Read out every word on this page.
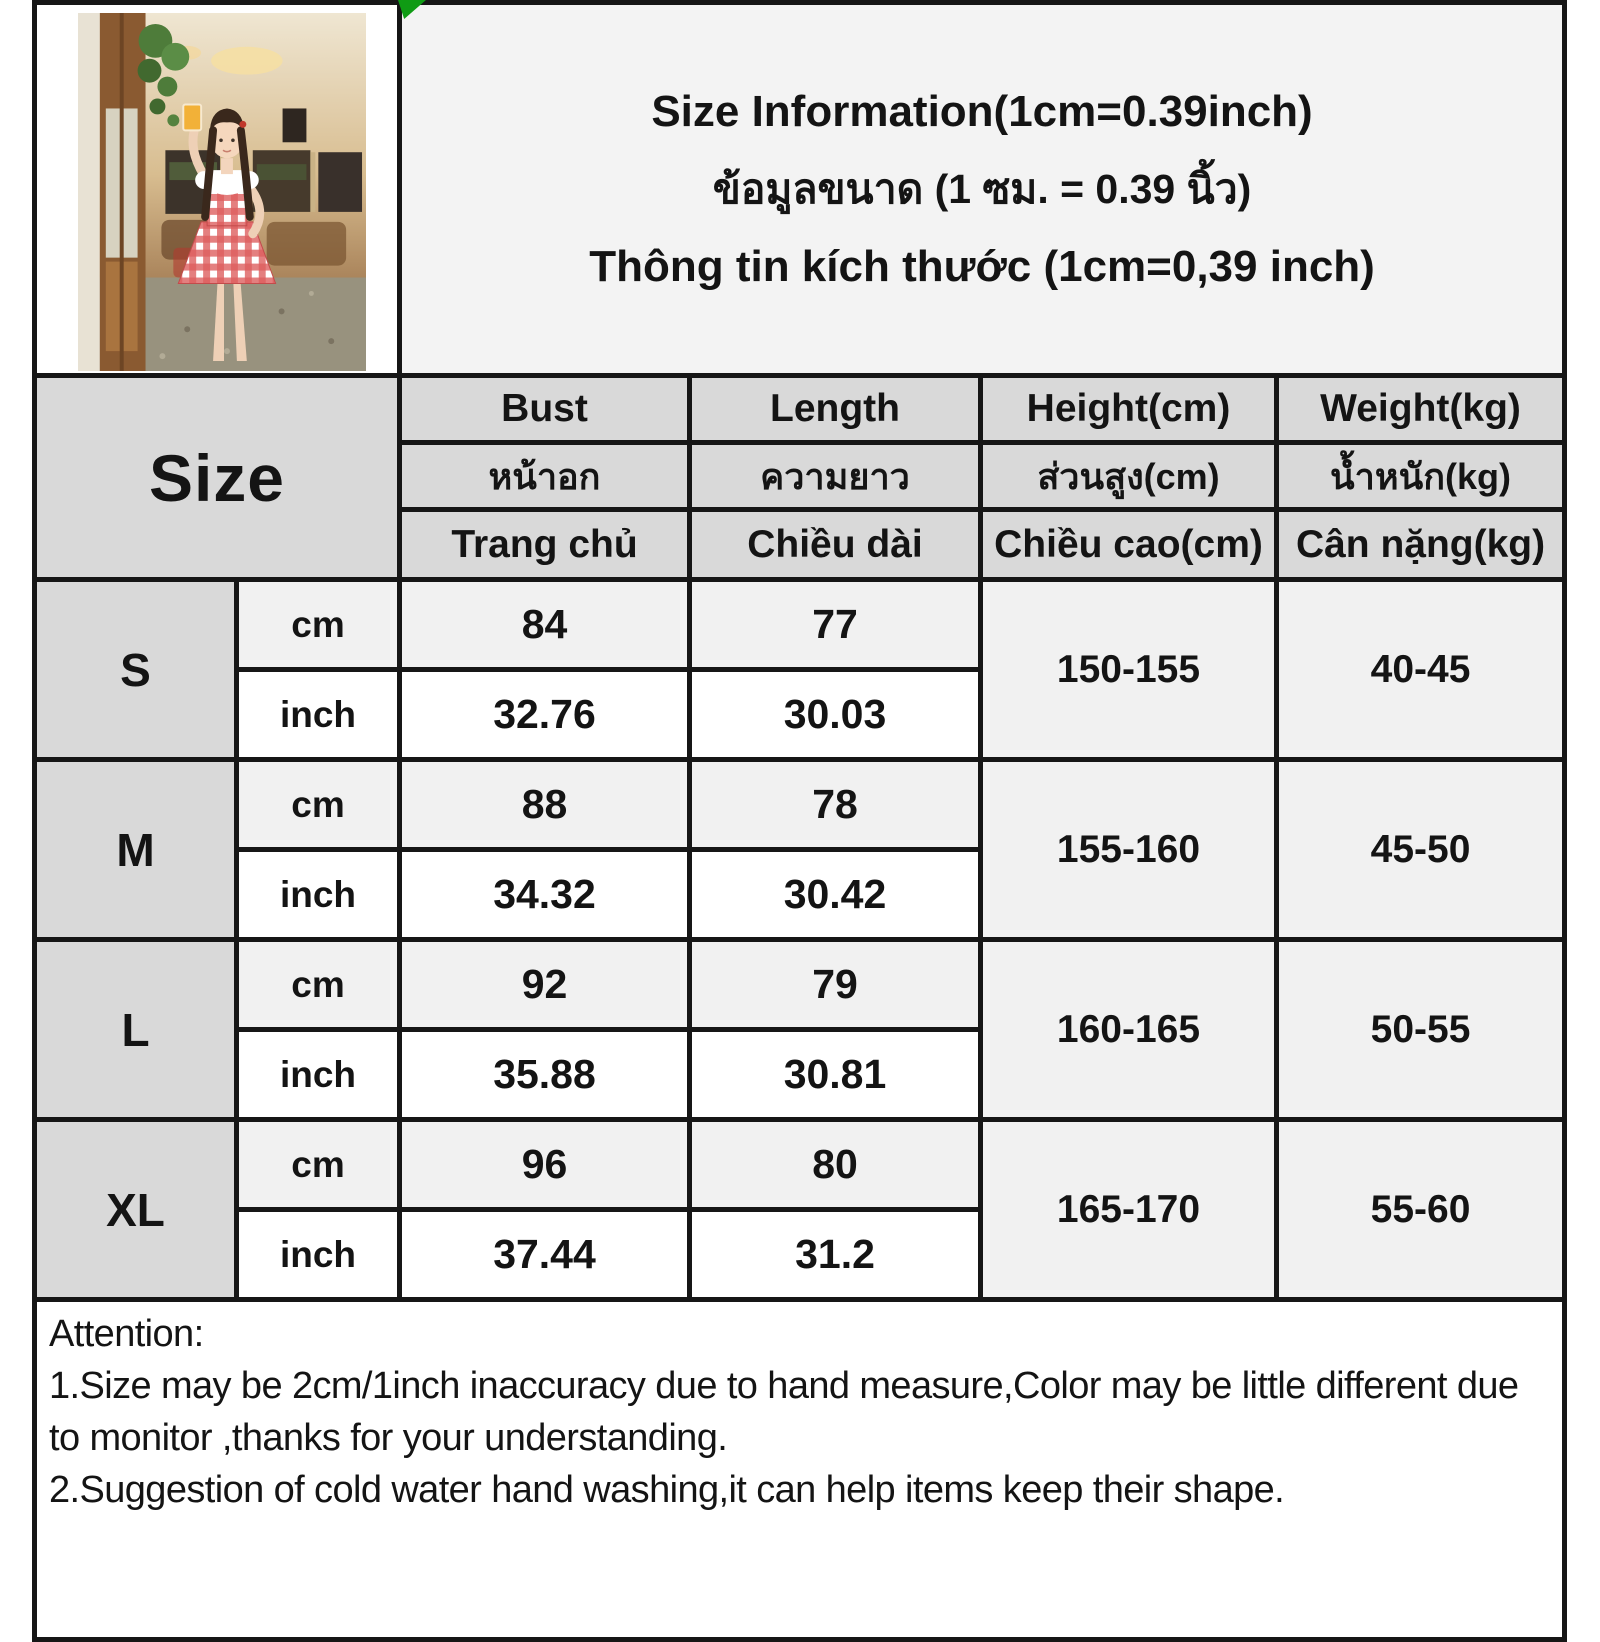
Size Information(1cm=0.39inch)
ข้อมูลขนาด (1 ซม. = 0.39 นิ้ว)
Thông tin kích thước (1cm=0,39 inch)			

Size		Bust	Length	Height(cm)	Weight(kg)
		หน้าอก	ความยาว	ส่วนสูง(cm)	น้ำหนัก(kg)
		Trang chủ	Chiều dài	Chiều cao(cm)	Cân nặng(kg)
S	cm	84	77	150-155	40-45
	inch	32.76	30.03		
M	cm	88	78	155-160	45-50
	inch	34.32	30.42		
L	cm	92	79	160-165	50-55
	inch	35.88	30.81		
XL	cm	96	80	165-170	55-60
	inch	37.44	31.2		

Attention:

1.Size may be 2cm/1inch inaccuracy due to hand measure,Color may be little different due to monitor ,thanks for your understanding.

2.Suggestion of cold water hand washing,it can help items keep their shape.
